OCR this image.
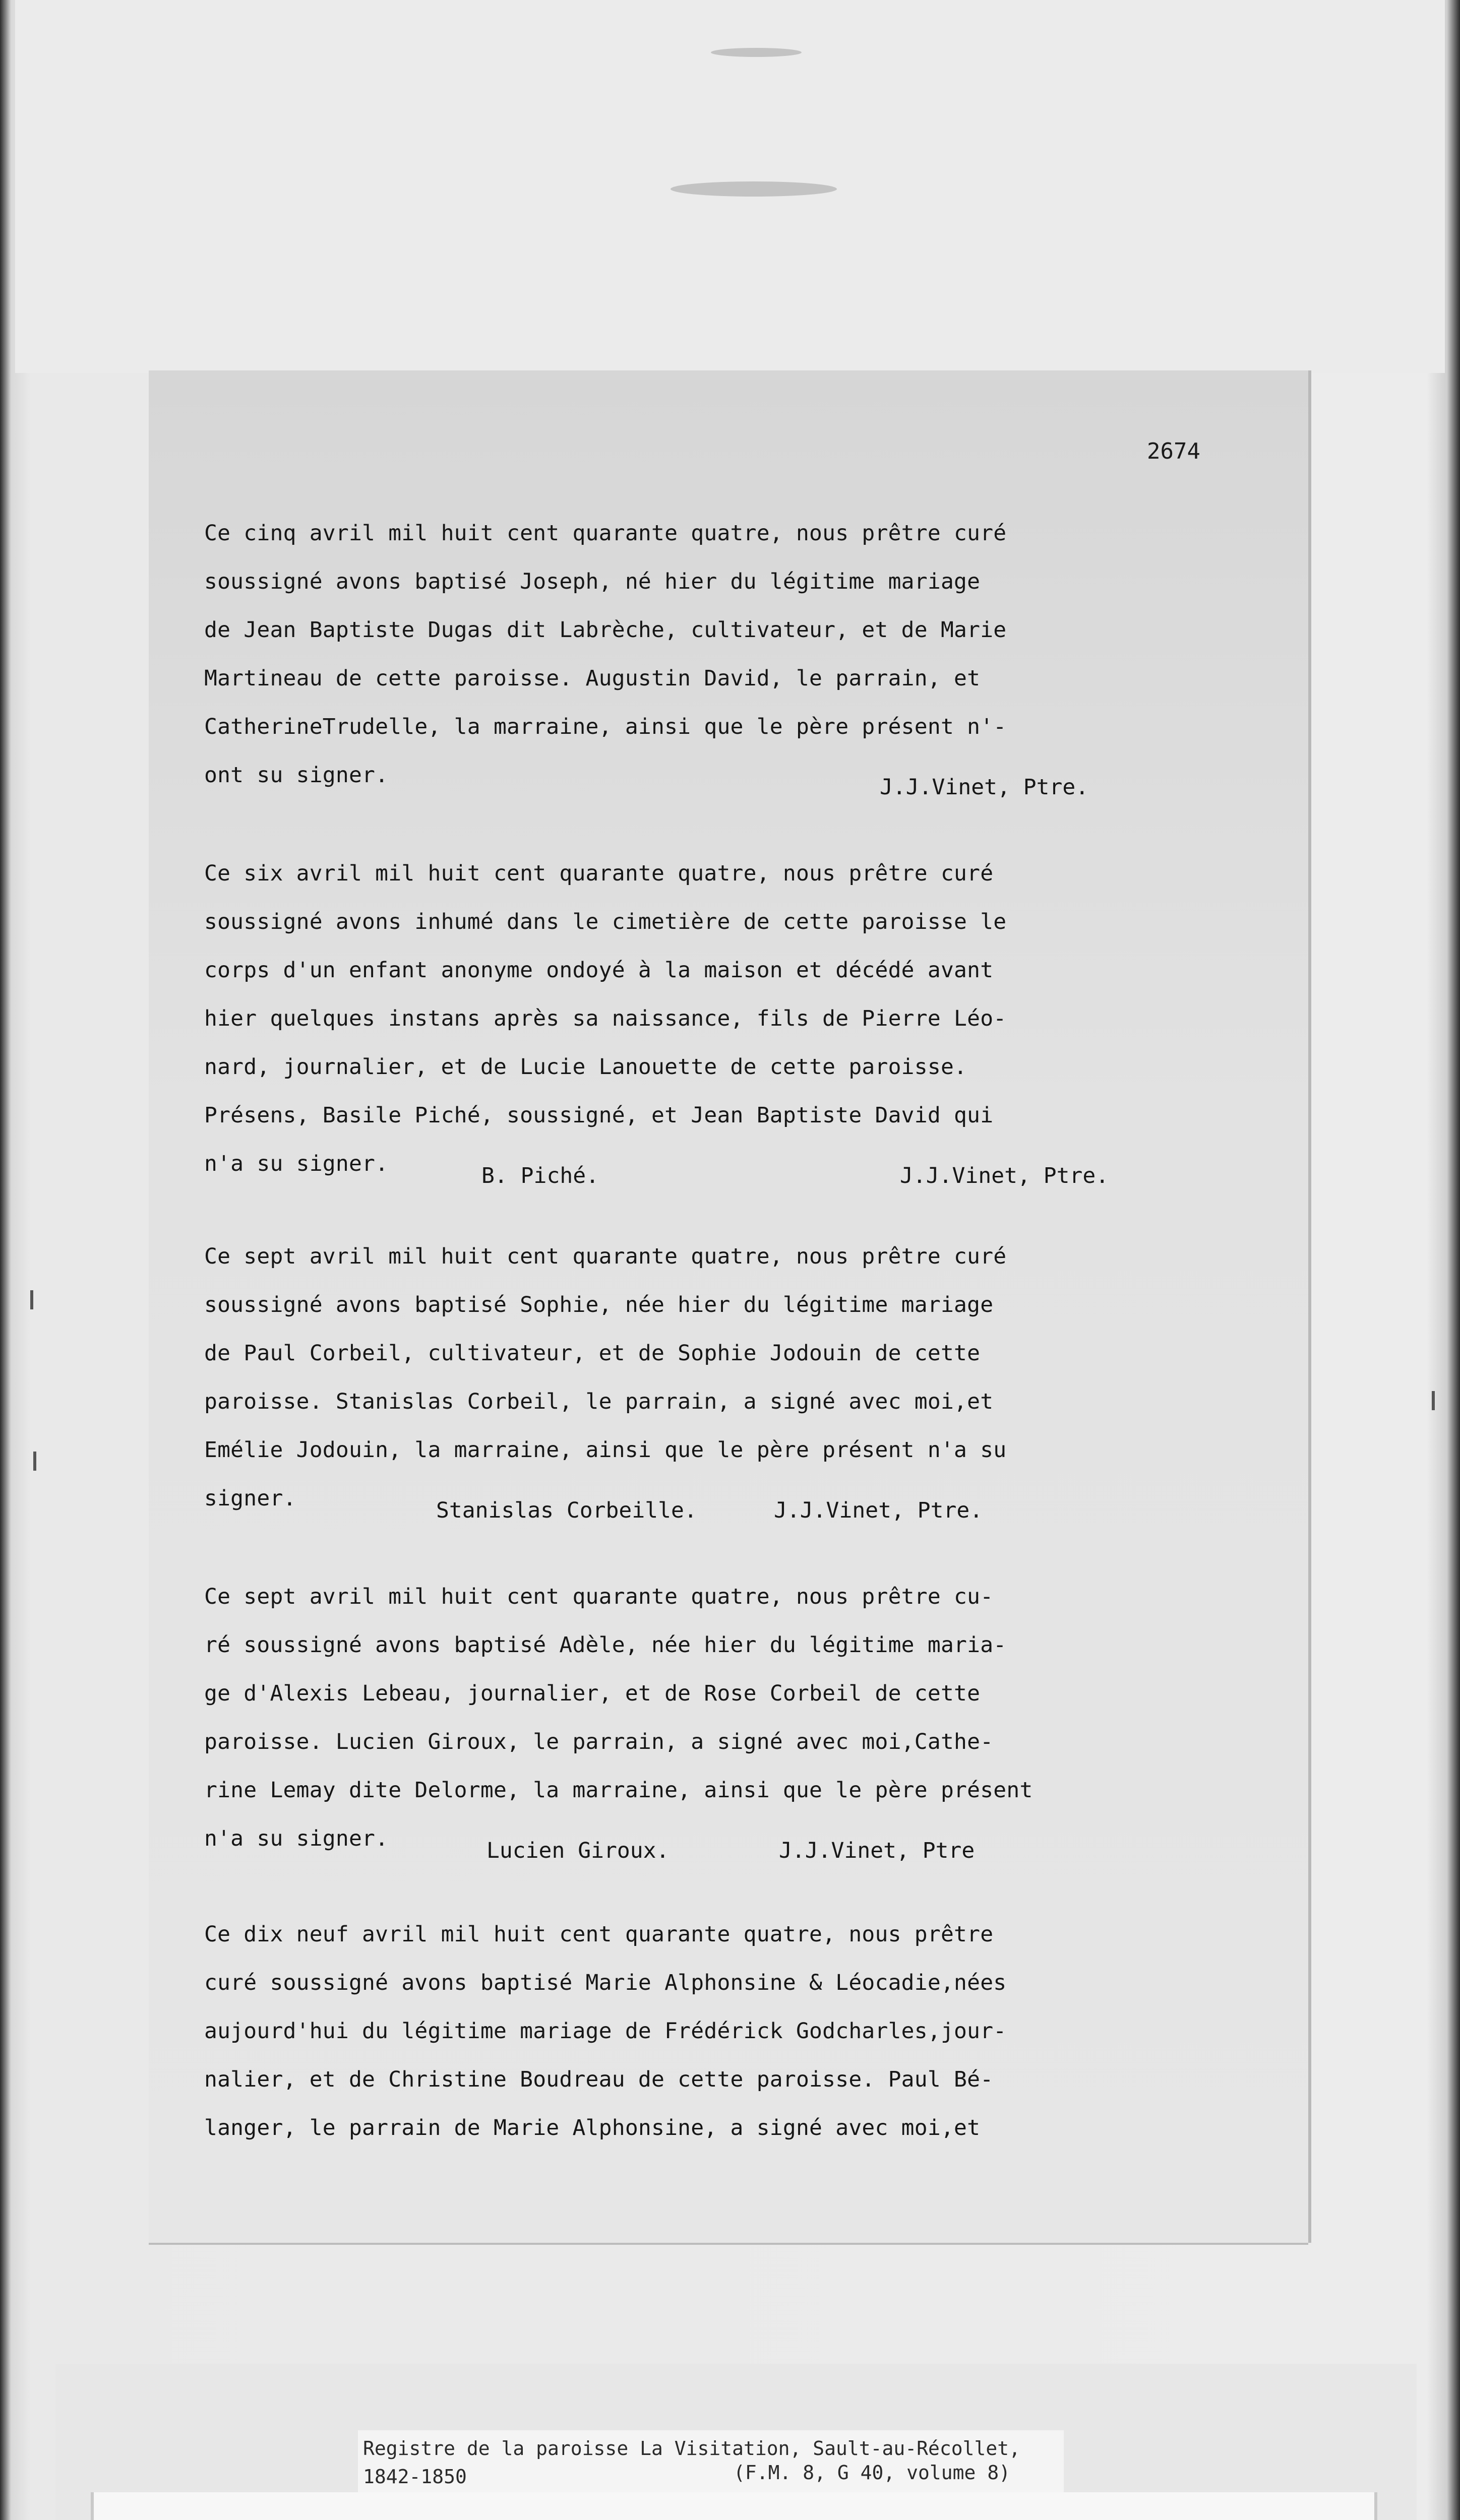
2674
Ce cinq avril mil huit cent quarante quatre, nous prêtre curé
soussigné avons baptisé Joseph, né hier du légitime mariage
de Jean Baptiste Dugas dit Labrèche, cultivateur, et de Marie
Martineau de cette paroisse. Augustin David, le parrain, et
CatherineTrudelle, la marraine, ainsi que le père présent n'-
ont su signer.

	J.J.Vinet, Ptre.

Ce six avril mil huit cent quarante quatre, nous prêtre curé
soussigné avons inhumé dans le cimetière de cette paroisse le
corps d'un enfant anonyme ondoyé à la maison et décédé avant
hier quelques instans après sa naissance, fils de Pierre Léo-
nard, journalier, et de Lucie Lanouette de cette paroisse.
Présens, Basile Piché, soussigné, et Jean Baptiste David qui
n'a su signer.

	B. Piché.

	J.J.Vinet, Ptre.

Ce sept avril mil huit cent quarante quatre, nous prêtre curé
soussigné avons baptisé Sophie, née hier du légitime mariage
de Paul Corbeil, cultivateur, et de Sophie Jodouin de cette
paroisse. Stanislas Corbeil, le parrain, a signé avec moi,et
Emélie Jodouin, la marraine, ainsi que le père présent n'a su
signer.

	Stanislas Corbeille.

	J.J.Vinet, Ptre.

Ce sept avril mil huit cent quarante quatre, nous prêtre cu-
ré soussigné avons baptisé Adèle, née hier du légitime maria-
ge d'Alexis Lebeau, journalier, et de Rose Corbeil de cette
paroisse. Lucien Giroux, le parrain, a signé avec moi,Cathe-
rine Lemay dite Delorme, la marraine, ainsi que le père présent
n'a su signer.

	Lucien Giroux.

	J.J.Vinet, Ptre

Ce dix neuf avril mil huit cent quarante quatre, nous prêtre
curé soussigné avons baptisé Marie Alphonsine & Léocadie,nées
aujourd'hui du légitime mariage de Frédérick Godcharles,jour-
nalier, et de Christine Boudreau de cette paroisse. Paul Bé-
langer, le parrain de Marie Alphonsine, a signé avec moi,et
Registre de la paroisse La Visitation, Sault-au-Récollet,
1842-1850	(F.M. 8, G 40, volume 8)
